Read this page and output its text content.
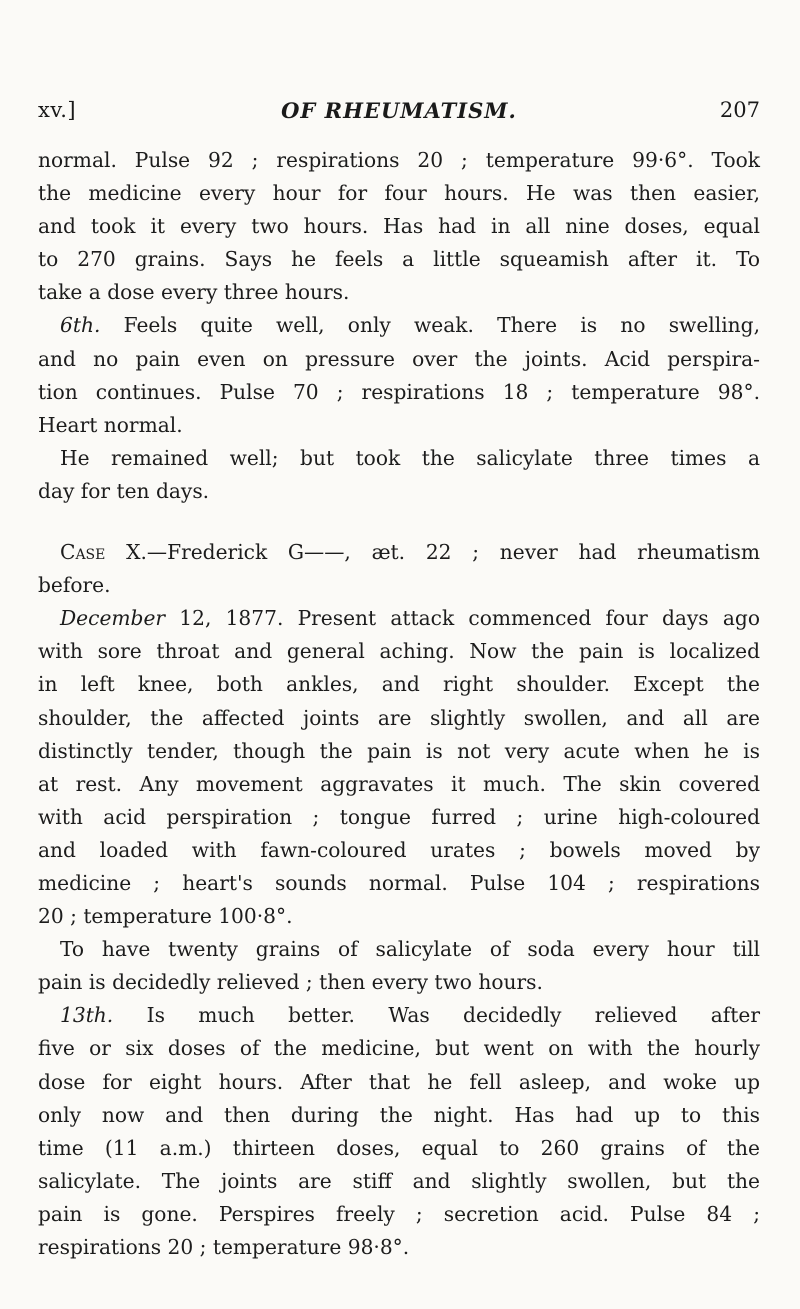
xv.]	OF RHEUMATISM.	207
normal. Pulse 92 ; respirations 20 ; temperature 99·6°. Took
the medicine every hour for four hours. He was then easier,
and took it every two hours. Has had in all nine doses, equal
to 270 grains. Says he feels a little squeamish after it. To
take a dose every three hours.
6th. Feels quite well, only weak. There is no swelling,
and no pain even on pressure over the joints. Acid perspira-
tion continues. Pulse 70 ; respirations 18 ; temperature 98°.
Heart normal.
He remained well; but took the salicylate three times a
day for ten days.
Case X.—Frederick G——, æt. 22 ; never had rheumatism
before.
December 12, 1877. Present attack commenced four days ago
with sore throat and general aching. Now the pain is localized
in left knee, both ankles, and right shoulder. Except the
shoulder, the affected joints are slightly swollen, and all are
distinctly tender, though the pain is not very acute when he is
at rest. Any movement aggravates it much. The skin covered
with acid perspiration ; tongue furred ; urine high-coloured
and loaded with fawn-coloured urates ; bowels moved by
medicine ; heart's sounds normal. Pulse 104 ; respirations
20 ; temperature 100·8°.
To have twenty grains of salicylate of soda every hour till
pain is decidedly relieved ; then every two hours.
13th. Is much better. Was decidedly relieved after
five or six doses of the medicine, but went on with the hourly
dose for eight hours. After that he fell asleep, and woke up
only now and then during the night. Has had up to this
time (11 a.m.) thirteen doses, equal to 260 grains of the
salicylate. The joints are stiff and slightly swollen, but the
pain is gone. Perspires freely ; secretion acid. Pulse 84 ;
respirations 20 ; temperature 98·8°.
